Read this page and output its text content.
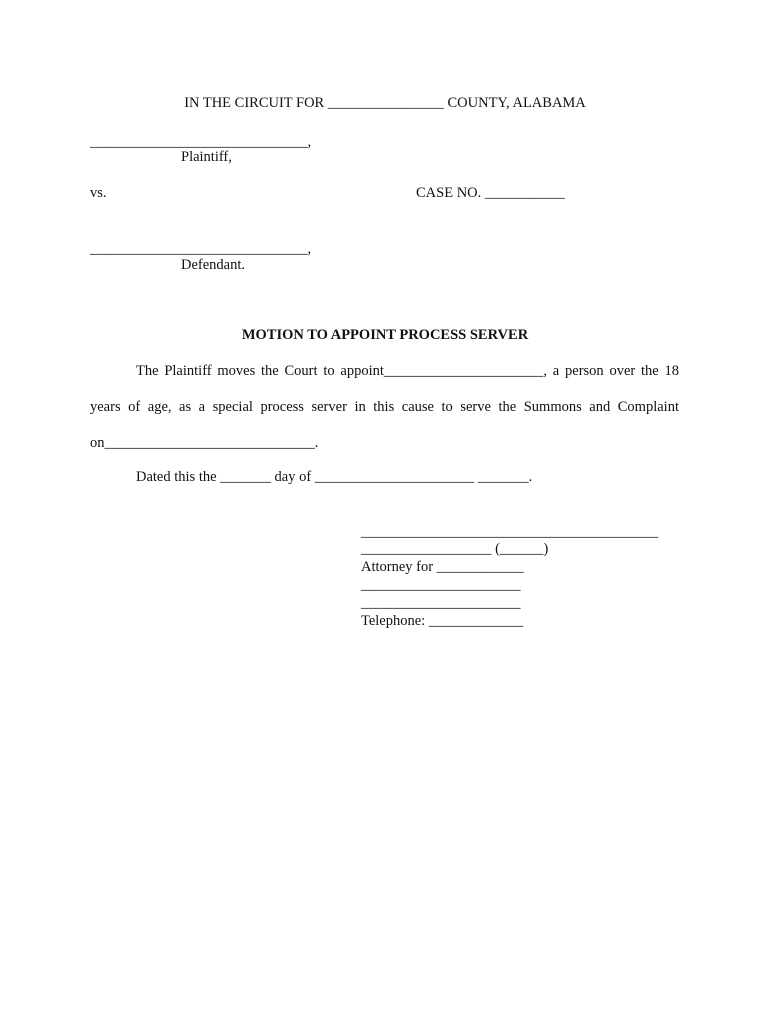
IN THE CIRCUIT FOR ________________ COUNTY, ALABAMA
______________________________,
Plaintiff,
vs.	CASE NO. ___________
______________________________,
Defendant.
MOTION TO APPOINT PROCESS SERVER
The Plaintiff moves the Court to appoint______________________, a person over the 18
years of age, as a special process server in this cause to serve the Summons and Complaint
on_____________________________.
Dated this the _______ day of ______________________ _______.
_________________________________________
__________________ (______)
Attorney for ____________
______________________
______________________
Telephone: _____________
